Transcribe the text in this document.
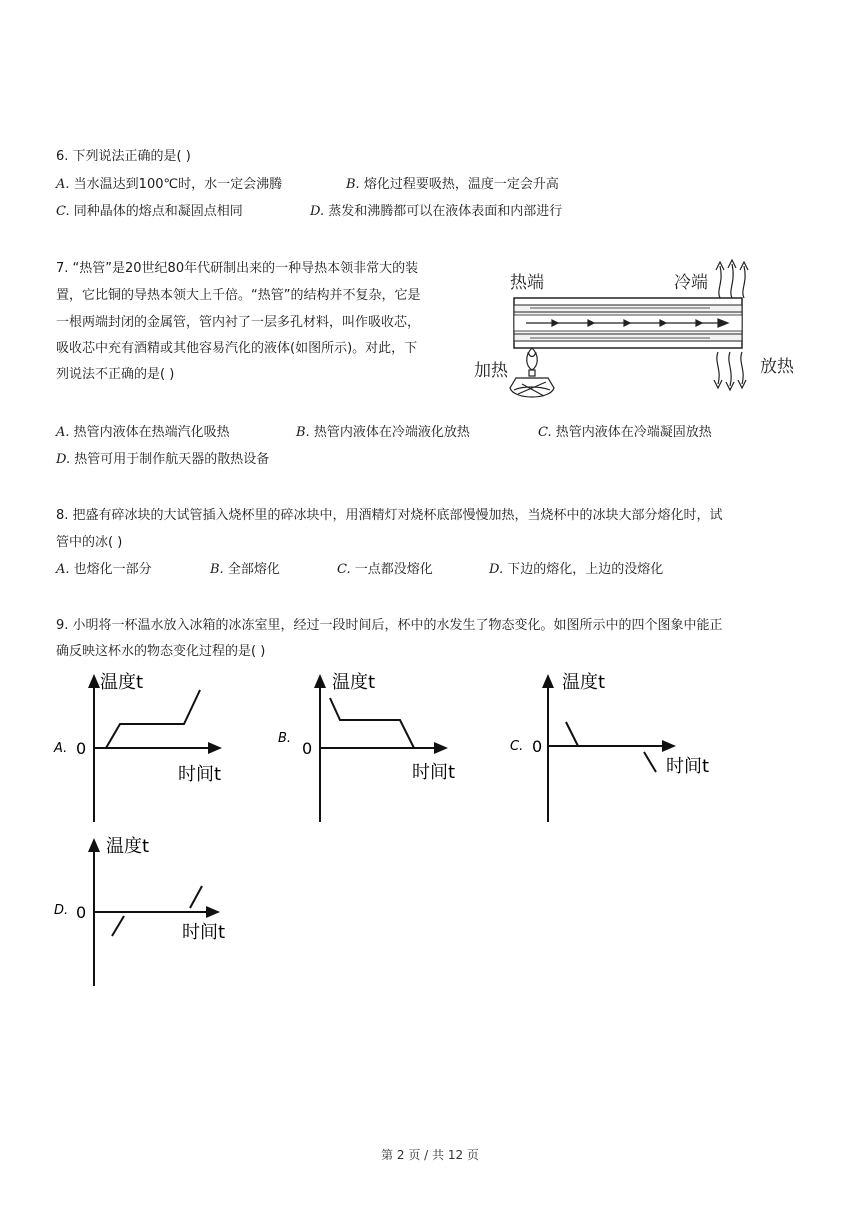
6. 下列说法正确的是( )
A. 当水温达到100℃时，水一定会沸腾	B. 熔化过程要吸热，温度一定会升高
C. 同种晶体的熔点和凝固点相同	D. 蒸发和沸腾都可以在液体表面和内部进行
7. “热管”是20世纪80年代研制出来的一种导热本领非常大的装
置，它比铜的导热本领大上千倍。“热管”的结构并不复杂，它是
一根两端封闭的金属管，管内衬了一层多孔材料，叫作吸收芯，
吸收芯中充有酒精或其他容易汽化的液体(如图所示)。对此，下
列说法不正确的是( )
热端	冷端
加热	放热
A. 热管内液体在热端汽化吸热	B. 热管内液体在冷端液化放热	C. 热管内液体在冷端凝固放热
D. 热管可用于制作航天器的散热设备
8. 把盛有碎冰块的大试管插入烧杯里的碎冰块中，用酒精灯对烧杯底部慢慢加热，当烧杯中的冰块大部分熔化时，试
管中的冰( )
A. 也熔化一部分	B. 全部熔化	C. 一点都没熔化	D. 下边的熔化，上边的没熔化
9. 小明将一杯温水放入冰箱的冰冻室里，经过一段时间后，杯中的水发生了物态变化。如图所示中的四个图象中能正
确反映这杯水的物态变化过程的是( )
A.
温度t
0
时间t
B.
温度t
0
时间t
C.
温度t
0
时间t
D.
温度t
0
时间t
第 2 页 / 共 12 页
